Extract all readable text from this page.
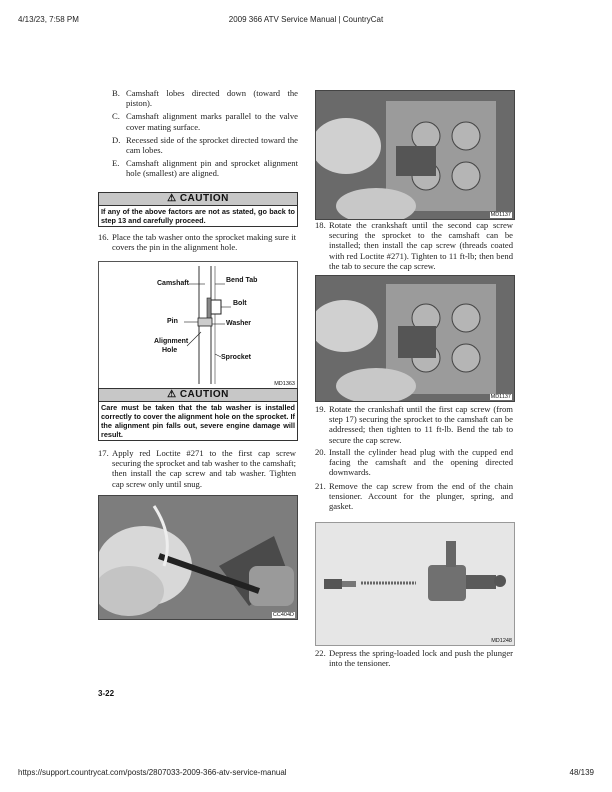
4/13/23, 7:58 PM	2009 366 ATV Service Manual | CountryCat
B. Camshaft lobes directed down (toward the piston).
C. Camshaft alignment marks parallel to the valve cover mating surface.
D. Recessed side of the sprocket directed toward the cam lobes.
E. Camshaft alignment pin and sprocket alignment hole (smallest) are aligned.
⚠ CAUTION
If any of the above factors are not as stated, go back to step 13 and carefully proceed.
16. Place the tab washer onto the sprocket making sure it covers the pin in the alignment hole.
Camshaft	Bend Tab
Bolt
Pin	Washer
Alignment
Hole
Sprocket
MD1363
⚠ CAUTION
Care must be taken that the tab washer is installed correctly to cover the alignment hole on the sprocket. If the alignment pin falls out, severe engine damage will result.
17. Apply red Loctite #271 to the first cap screw securing the sprocket and tab washer to the camshaft; then install the cap screw and tab washer. Tighten cap screw only until snug.
CC404D
3-22
MD1137
18. Rotate the crankshaft until the second cap screw securing the sprocket to the camshaft can be installed; then install the cap screw (threads coated with red Loctite #271). Tighten to 11 ft-lb; then bend the tab to secure the cap screw.
MD1137
19. Rotate the crankshaft until the first cap screw (from step 17) securing the sprocket to the camshaft can be addressed; then tighten to 11 ft-lb. Bend the tab to secure the cap screw.
20. Install the cylinder head plug with the cupped end facing the camshaft and the opening directed downwards.
21. Remove the cap screw from the end of the chain tensioner. Account for the plunger, spring, and gasket.
MD1248
22. Depress the spring-loaded lock and push the plunger into the tensioner.
https://support.countrycat.com/posts/2807033-2009-366-atv-service-manual	48/139
